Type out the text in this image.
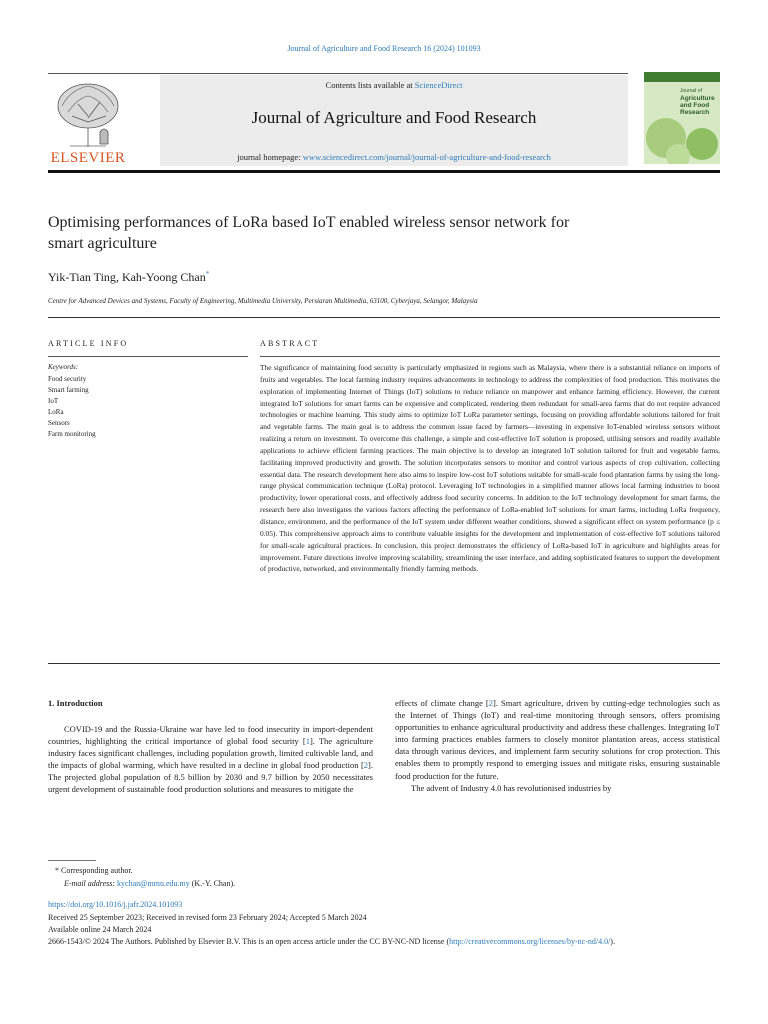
Journal of Agriculture and Food Research 16 (2024) 101093
ELSEVIER
Contents lists available at ScienceDirect
Journal of Agriculture and Food Research
journal homepage: www.sciencedirect.com/journal/journal-of-agriculture-and-food-research
Journal of
Agriculture
and Food
Research
Optimising performances of LoRa based IoT enabled wireless sensor network for smart agriculture
Yik-Tian Ting, Kah-Yoong Chan*
Centre for Advanced Devices and Systems, Faculty of Engineering, Multimedia University, Persiaran Multimedia, 63100, Cyberjaya, Selangor, Malaysia
ARTICLE INFO
Keywords:
Food security
Smart farming
IoT
LoRa
Sensors
Farm monitoring
ABSTRACT
The significance of maintaining food security is particularly emphasized in regions such as Malaysia, where there is a substantial reliance on imports of fruits and vegetables. The local farming industry requires advancements in technology to address the complexities of food production. This motivates the exploration of implementing Internet of Things (IoT) solutions to reduce reliance on manpower and enhance farming efficiency. However, the current integrated IoT solutions for smart farms can be expensive and complicated, rendering them redundant for small-area farms that do not require advanced technologies or machine learning. This study aims to optimize IoT LoRa parameter settings, focusing on providing affordable solutions tailored for fruit and vegetable farms. The main goal is to address the common issue faced by farmers—investing in expensive IoT-enabled wireless sensors without realizing a return on investment. To overcome this challenge, a simple and cost-effective IoT solution is proposed, utilising sensors and readily available applications to achieve efficient farming practices. The main objective is to develop an integrated IoT solution tailored for fruit and vegetable farms, facilitating improved productivity and growth. The solution incorporates sensors to monitor and control various aspects of crop cultivation, collecting essential data. The research development here also aims to inspire low-cost IoT solutions suitable for small-scale food plantation farms by using the long-range physical communication technique (LoRa) protocol. Leveraging IoT technologies in a simplified manner allows local farming industries to boost productivity, lower operational costs, and effectively address food security concerns. In addition to the IoT technology development for smart farms, the research here also investigates the various factors affecting the performance of LoRa-enabled IoT solutions for smart farms, including LoRa frequency, distance, environment, and the performance of the IoT system under different weather conditions, showed a significant effect on system performance (p ≤ 0.05). This comprehensive approach aims to contribute valuable insights for the development and implementation of cost-effective IoT solutions tailored for small-scale agricultural practices. In conclusion, this project demonstrates the efficiency of LoRa-based IoT in agriculture and highlights areas for improvement. Future directions involve improving scalability, streamlining the user interface, and adding sophisticated features to support the development of productive, networked, and environmentally friendly farming methods.
1. Introduction
COVID-19 and the Russia-Ukraine war have led to food insecurity in import-dependent countries, highlighting the critical importance of global food security [1]. The agriculture industry faces significant challenges, including population growth, limited cultivable land, and the impacts of global warming, which have resulted in a decline in global food production [2]. The projected global population of 8.5 billion by 2030 and 9.7 billion by 2050 necessitates urgent development of sustainable food production solutions and measures to mitigate the

effects of climate change [2]. Smart agriculture, driven by cutting-edge technologies such as the Internet of Things (IoT) and real-time monitoring through sensors, offers promising opportunities to enhance agricultural productivity and address these challenges. Integrating IoT into farming practices enables farmers to closely monitor plantation areas, access statistical data through various devices, and implement farm security solutions for crop protection. This enables them to promptly respond to emerging issues and mitigate risks, ensuring sustainable food production for the future.

The advent of Industry 4.0 has revolutionised industries by

* Corresponding author.
E-mail address: kychan@mmu.edu.my (K.-Y. Chan).
https://doi.org/10.1016/j.jafr.2024.101093
Received 25 September 2023; Received in revised form 23 February 2024; Accepted 5 March 2024
Available online 24 March 2024
2666-1543/© 2024 The Authors. Published by Elsevier B.V. This is an open access article under the CC BY-NC-ND license (http://creativecommons.org/licenses/by-nc-nd/4.0/).
